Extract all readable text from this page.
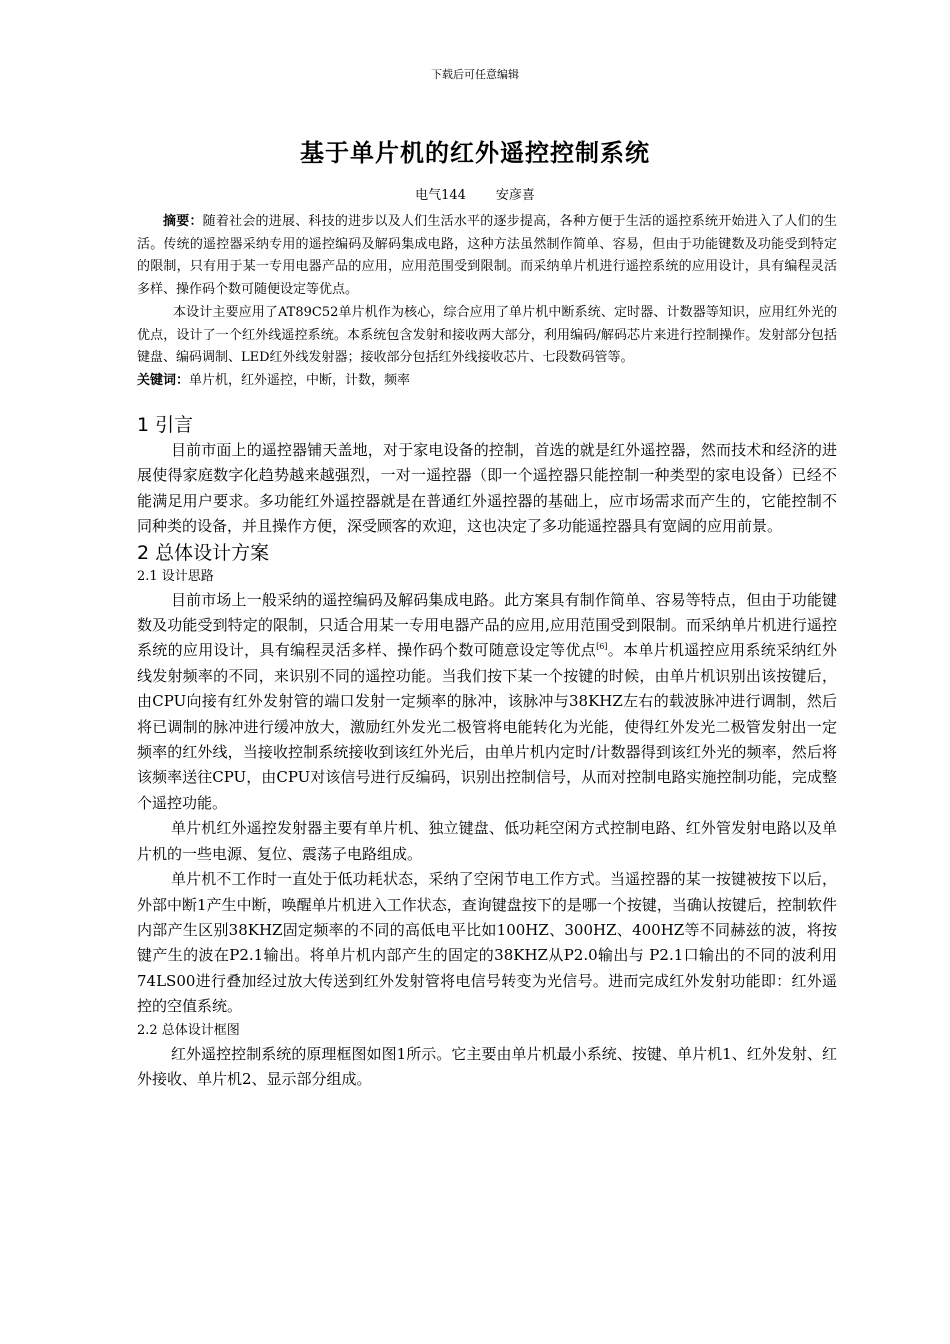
下载后可任意编辑
基于单片机的红外遥控控制系统
电气144 安彦喜

摘要：随着社会的进展、科技的进步以及人们生活水平的逐步提高，各种方便于生活的遥控系统开始进入了人们的生活。传统的遥控器采纳专用的遥控编码及解码集成电路，这种方法虽然制作简单、容易，但由于功能键数及功能受到特定的限制，只有用于某一专用电器产品的应用，应用范围受到限制。而采纳单片机进行遥控系统的应用设计，具有编程灵活多样、操作码个数可随便设定等优点。

本设计主要应用了AT89C52单片机作为核心，综合应用了单片机中断系统、定时器、计数器等知识，应用红外光的优点，设计了一个红外线遥控系统。本系统包含发射和接收两大部分，利用编码/解码芯片来进行控制操作。发射部分包括键盘、编码调制、LED红外线发射器；接收部分包括红外线接收芯片、七段数码管等。

关键词：单片机，红外遥控，中断，计数，频率

1 引言

目前市面上的遥控器铺天盖地，对于家电设备的控制，首选的就是红外遥控器，然而技术和经济的进展使得家庭数字化趋势越来越强烈，一对一遥控器（即一个遥控器只能控制一种类型的家电设备）已经不能满足用户要求。多功能红外遥控器就是在普通红外遥控器的基础上，应市场需求而产生的，它能控制不同种类的设备，并且操作方便，深受顾客的欢迎，这也决定了多功能遥控器具有宽阔的应用前景。

2 总体设计方案
2.1 设计思路

目前市场上一般采纳的遥控编码及解码集成电路。此方案具有制作简单、容易等特点，但由于功能键数及功能受到特定的限制，只适合用某一专用电器产品的应用,应用范围受到限制。而采纳单片机进行遥控系统的应用设计，具有编程灵活多样、操作码个数可随意设定等优点[6]。本单片机遥控应用系统采纳红外线发射频率的不同，来识别不同的遥控功能。当我们按下某一个按键的时候，由单片机识别出该按键后，由CPU向接有红外发射管的端口发射一定频率的脉冲，该脉冲与38KHZ左右的载波脉冲进行调制，然后将已调制的脉冲进行缓冲放大，激励红外发光二极管将电能转化为光能，使得红外发光二极管发射出一定频率的红外线，当接收控制系统接收到该红外光后，由单片机内定时/计数器得到该红外光的频率，然后将该频率送往CPU，由CPU对该信号进行反编码，识别出控制信号，从而对控制电路实施控制功能，完成整个遥控功能。

单片机红外遥控发射器主要有单片机、独立键盘、低功耗空闲方式控制电路、红外管发射电路以及单片机的一些电源、复位、震荡子电路组成。

单片机不工作时一直处于低功耗状态，采纳了空闲节电工作方式。当遥控器的某一按键被按下以后，外部中断1产生中断，唤醒单片机进入工作状态，查询键盘按下的是哪一个按键，当确认按键后，控制软件内部产生区别38KHZ固定频率的不同的高低电平比如100HZ、300HZ、400HZ等不同赫兹的波，将按键产生的波在P2.1输出。将单片机内部产生的固定的38KHZ从P2.0输出与 P2.1口输出的不同的波利用74LS00进行叠加经过放大传送到红外发射管将电信号转变为光信号。进而完成红外发射功能即：红外遥控的空值系统。

2.2 总体设计框图

红外遥控控制系统的原理框图如图1所示。它主要由单片机最小系统、按键、单片机1、红外发射、红外接收、单片机2、显示部分组成。
